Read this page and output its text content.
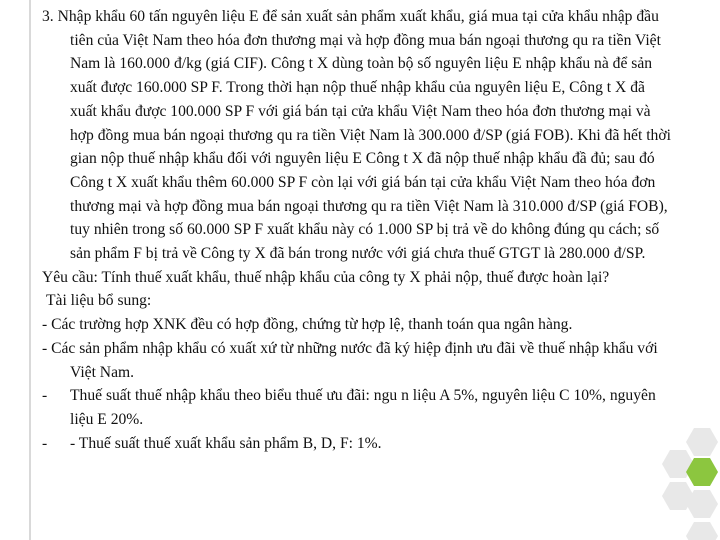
3. Nhập khẩu 60 tấn nguyên liệu E để sản xuất sản phẩm xuất khẩu, giá mua tại cửa khẩu nhập đầu tiên của Việt Nam theo hóa đơn thương mại và hợp đồng mua bán ngoại thương qu ra tiền Việt Nam là 160.000 đ/kg (giá CIF). Công t X dùng toàn bộ số nguyên liệu E nhập khẩu nà để sản xuất được 160.000 SP F. Trong thời hạn nộp thuế nhập khẩu của nguyên liệu E, Công t X đã xuất khẩu được 100.000 SP F với giá bán tại cửa khẩu Việt Nam theo hóa đơn thương mại và hợp đồng mua bán ngoại thương qu ra tiền Việt Nam là 300.000 đ/SP (giá FOB). Khi đã hết thời gian nộp thuế nhập khẩu đối với nguyên liệu E Công t X đã nộp thuế nhập khẩu đầ đủ; sau đó Công t X xuất khẩu thêm 60.000 SP F còn lại với giá bán tại cửa khẩu Việt Nam theo hóa đơn thương mại và hợp đồng mua bán ngoại thương qu ra tiền Việt Nam là 310.000 đ/SP (giá FOB), tuy nhiên trong số 60.000 SP F xuất khẩu này có 1.000 SP bị trả về do không đúng qu cách; số sản phẩm F bị trả về Công ty X đã bán trong nước với giá chưa thuế GTGT là 280.000 đ/SP.

Yêu cầu: Tính thuế xuất khẩu, thuế nhập khẩu của công ty X phải nộp, thuế được hoàn lại?

Tài liệu bổ sung:

- Các trường hợp XNK đều có hợp đồng, chứng từ hợp lệ, thanh toán qua ngân hàng.

- Các sản phẩm nhập khẩu có xuất xứ từ những nước đã ký hiệp định ưu đãi về thuế nhập khẩu với Việt Nam.

-	Thuế suất thuế nhập khẩu theo biểu thuế ưu đãi: ngu n liệu A 5%, nguyên liệu C 10%, nguyên liệu E 20%.
-	- Thuế suất thuế xuất khẩu sản phẩm B, D, F: 1%.
